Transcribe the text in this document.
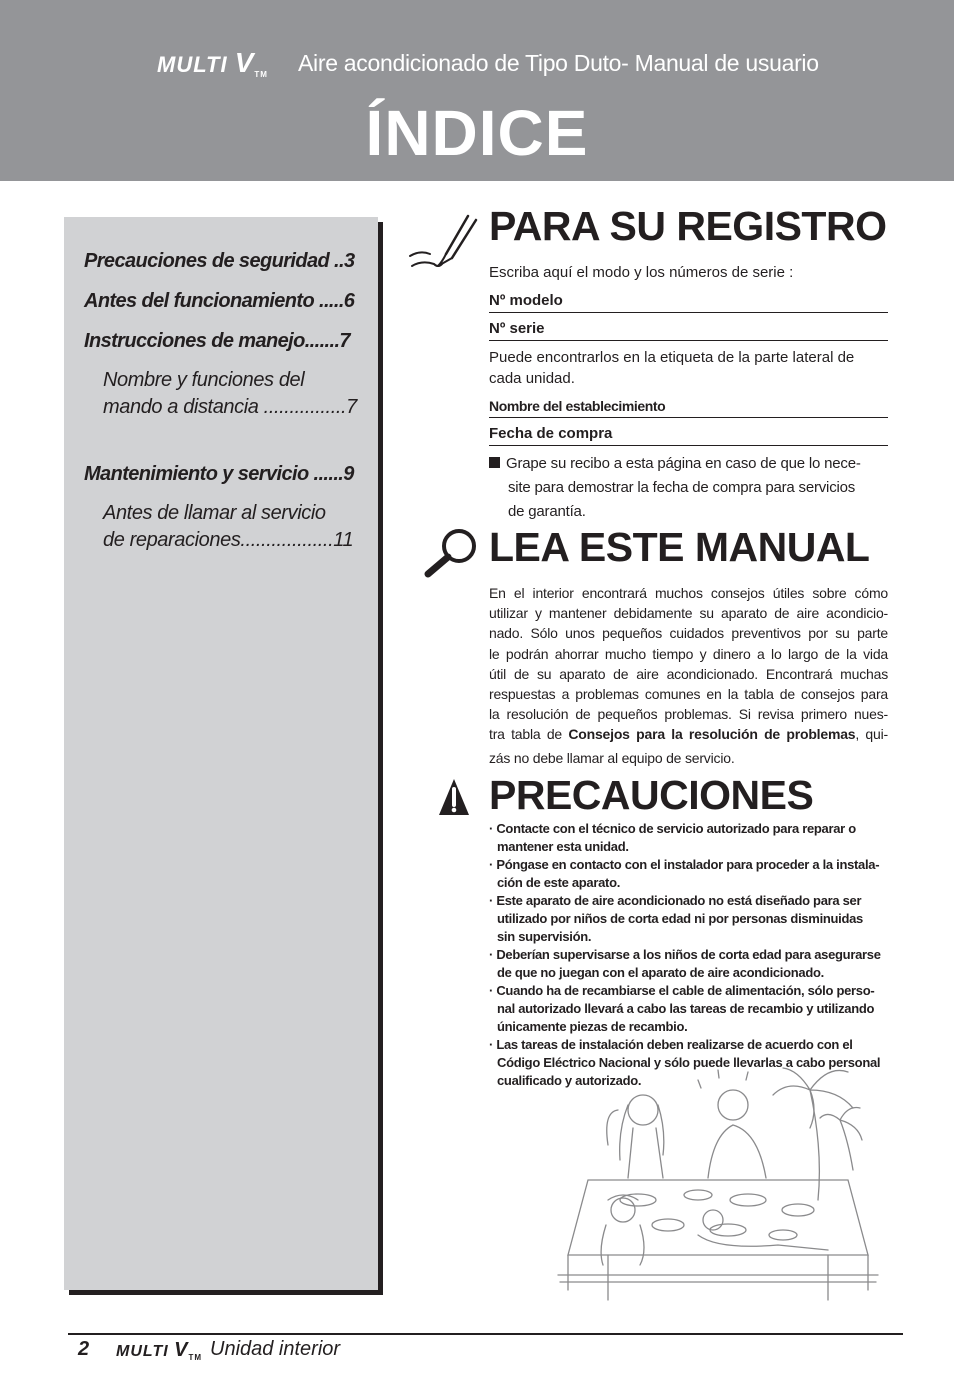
MULTI VTM Aire acondicionado de Tipo Duto- Manual de usuario
ÍNDICE
Precauciones de seguridad ..3
Antes del funcionamiento .....6
Instrucciones de manejo.......7
Nombre y funciones del
mando a distancia ................7
Mantenimiento y servicio ......9
Antes de llamar al servicio
de reparaciones..................11
PARA SU REGISTRO
Escriba aquí el modo y los números de serie :
Nº modelo
Nº serie
Puede encontrarlos en la etiqueta de la parte lateral de
cada unidad.
Nombre del establecimiento
Fecha de compra
Grape su recibo a esta página en caso de que lo nece-
site para demostrar la fecha de compra para servicios
de garantía.
LEA ESTE MANUAL
En el interior encontrará muchos consejos útiles sobre cómo
utilizar y mantener debidamente su aparato de aire acondicio-
nado. Sólo unos pequeños cuidados preventivos por su parte
le podrán ahorrar mucho tiempo y dinero a lo largo de la vida
útil de su aparato de aire acondicionado. Encontrará muchas
respuestas a problemas comunes en la tabla de consejos para
la resolución de pequeños problemas. Si revisa primero nues-
tra tabla de Consejos para la resolución de problemas, qui-
zás no debe llamar al equipo de servicio.
PRECAUCIONES
· Contacte con el técnico de servicio autorizado para reparar o
mantener esta unidad.
· Póngase en contacto con el instalador para proceder a la instala-
ción de este aparato.
· Este aparato de aire acondicionado no está diseñado para ser
utilizado por niños de corta edad ni por personas disminuidas
sin supervisión.
· Deberían supervisarse a los niños de corta edad para asegurarse
de que no juegan con el aparato de aire acondicionado.
· Cuando ha de recambiarse el cable de alimentación, sólo perso-
nal autorizado llevará a cabo las tareas de recambio y utilizando
únicamente piezas de recambio.
· Las tareas de instalación deben realizarse de acuerdo con el
Código Eléctrico Nacional y sólo puede llevarlas a cabo personal
cualificado y autorizado.
2 MULTI VTM Unidad interior
